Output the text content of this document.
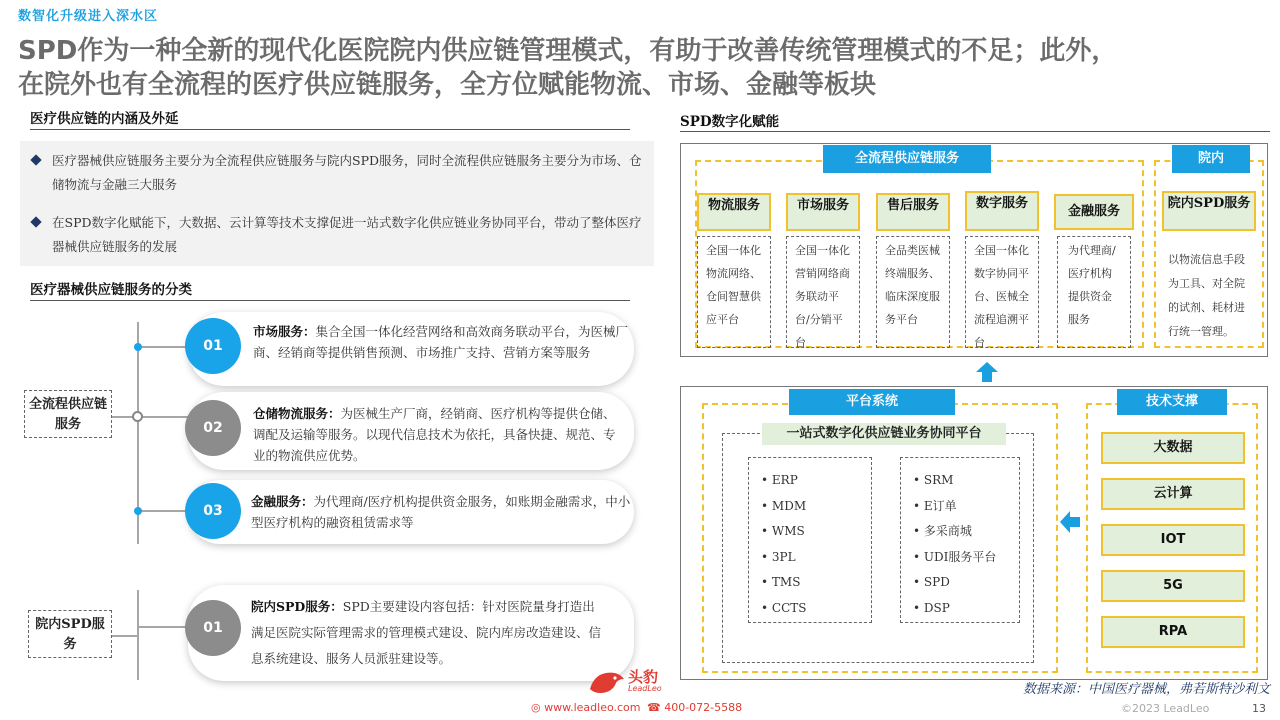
数智化升级进入深水区
SPD作为一种全新的现代化医院院内供应链管理模式，有助于改善传统管理模式的不足；此外，
在院外也有全流程的医疗供应链服务，全方位赋能物流、市场、金融等板块
医疗供应链的内涵及外延
医疗器械供应链服务主要分为全流程供应链服务与院内SPD服务，同时全流程供应链服务主要分为市场、仓储物流与金融三大服务
在SPD数字化赋能下，大数据、云计算等技术支撑促进一站式数字化供应链业务协同平台，带动了整体医疗器械供应链服务的发展
医疗器械供应链服务的分类
全流程供应链服务
院内SPD服务
01
市场服务：集合全国一体化经营网络和高效商务联动平台，为医械厂商、经销商等提供销售预测、市场推广支持、营销方案等服务
02
仓储物流服务：为医械生产厂商，经销商、医疗机构等提供仓储、调配及运输等服务。以现代信息技术为依托，具备快捷、规范、专业的物流供应优势。
03
金融服务：为代理商/医疗机构提供资金服务，如账期金融需求，中小型医疗机构的融资租赁需求等
01
院内SPD服务：SPD主要建设内容包括：针对医院量身打造出满足医院实际管理需求的管理模式建设、院内库房改造建设、信息系统建设、服务人员派驻建设等。
SPD数字化赋能
全流程供应链服务	院内
物流服务
全国一体化物流网络、仓间智慧供应平台
市场服务
全国一体化营销网络商务联动平台/分销平台
售后服务
全品类医械终端服务、临床深度服务平台
数字服务
全国一体化数字协同平台、医械全流程追溯平台
金融服务
为代理商/医疗机构提供资金服务
院内SPD服务
以物流信息手段为工具、对全院的试剂、耗材进行统一管理。
平台系统	技术支撑
一站式数字化供应链业务协同平台
• ERP
• MDM
• WMS
• 3PL
• TMS
• CCTS
• SRM
• E订单
• 多采商城
• UDI服务平台
• SPD
• DSP
大数据
云计算
IOT
5G
RPA
数据来源：中国医疗器械，弗若斯特沙利文
头豹
LeadLeo
◎ www.leadleo.com ☎ 400-072-5588	©2023 LeadLeo	13
